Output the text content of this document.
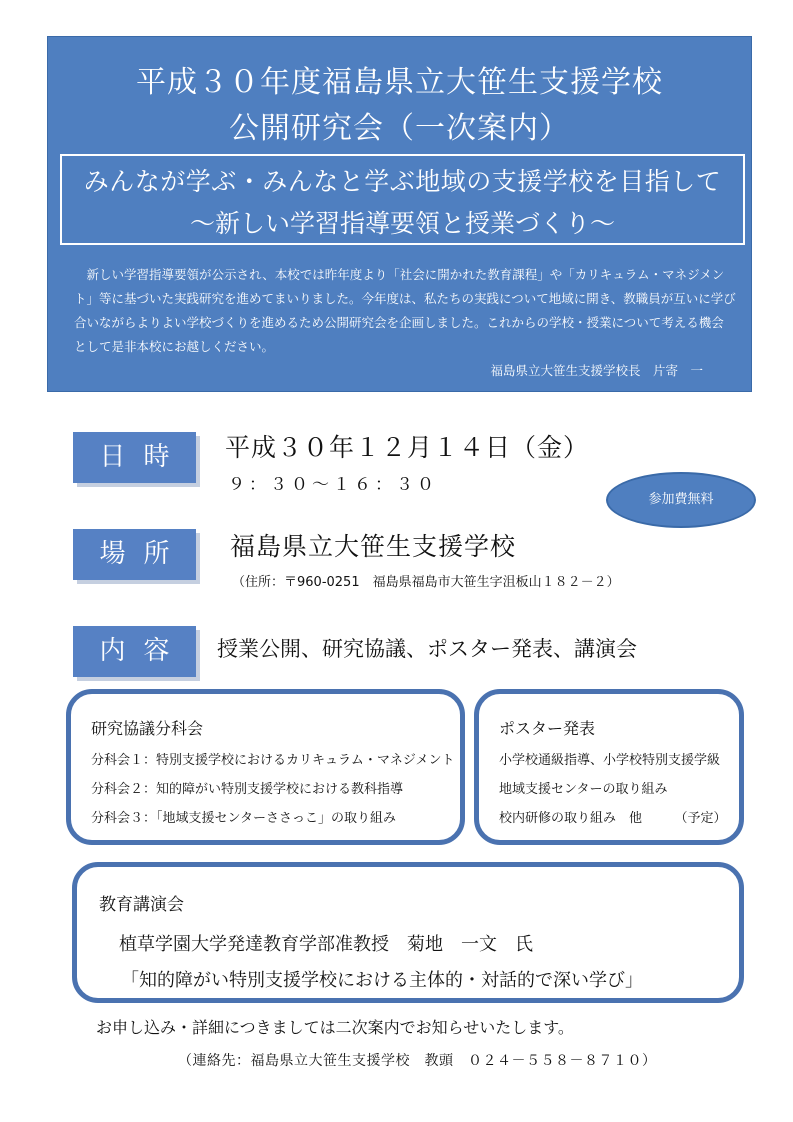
平成３０年度福島県立大笹生支援学校
公開研究会（一次案内）
みんなが学ぶ・みんなと学ぶ地域の支援学校を目指して
～新しい学習指導要領と授業づくり～
新しい学習指導要領が公示され、本校では昨年度より「社会に開かれた教育課程」や「カリキュラム・マネジメント」等に基づいた実践研究を進めてまいりました。今年度は、私たちの実践について地域に開き、教職員が互いに学び合いながらよりよい学校づくりを進めるため公開研究会を企画しました。これからの学校・授業について考える機会として是非本校にお越しください。
福島県立大笹生支援学校長　片寄　一
日時	平成３０年１２月１４日（金）
９：３０～１６：３０
参加費無料
場所	福島県立大笹生支援学校
（住所：〒960-0251　福島県福島市大笹生字沮板山１８２－２）
内容	授業公開、研究協議、ポスター発表、講演会
研究協議分科会
分科会１：特別支援学校におけるカリキュラム・マネジメント
分科会２：知的障がい特別支援学校における教科指導
分科会３：「地域支援センターささっこ」の取り組み
ポスター発表
小学校通級指導、小学校特別支援学級
地域支援センターの取り組み
校内研修の取り組み　他　　　（予定）
教育講演会
植草学園大学発達教育学部准教授　菊地　一文　氏
「知的障がい特別支援学校における主体的・対話的で深い学び」
お申し込み・詳細につきましては二次案内でお知らせいたします。
（連絡先：福島県立大笹生支援学校　教頭　０２４－５５８－８７１０）
